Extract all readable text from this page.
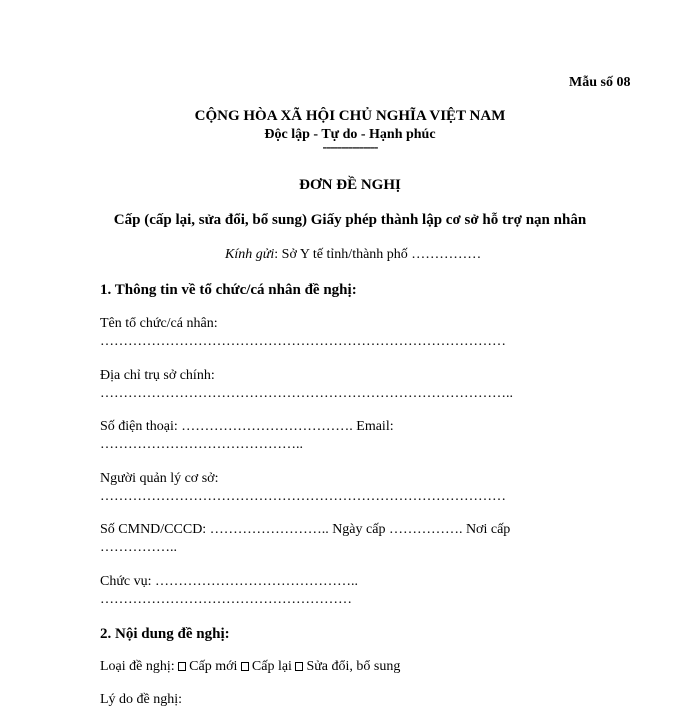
Mẫu số 08
CỘNG HÒA XÃ HỘI CHỦ NGHĨA VIỆT NAM
Độc lập - Tự do - Hạnh phúc
---------------
ĐƠN ĐỀ NGHỊ
Cấp (cấp lại, sửa đổi, bổ sung) Giấy phép thành lập cơ sở hỗ trợ nạn nhân
Kính gửi: Sở Y tế tỉnh/thành phố ……………
1. Thông tin về tổ chức/cá nhân đề nghị:
Tên tổ chức/cá nhân:
……………………………………………………………………………
Địa chỉ trụ sở chính:
……………………………………………………………………………..
Số điện thoại: ………………………………. Email:
……………………………………..
Người quản lý cơ sở:
……………………………………………………………………………
Số CMND/CCCD: …………………….. Ngày cấp ……………. Nơi cấp
……………..
Chức vụ: ……………………………………..
………………………………………………
2. Nội dung đề nghị:
Loại đề nghị: Cấp mới Cấp lại Sửa đổi, bổ sung
Lý do đề nghị:
